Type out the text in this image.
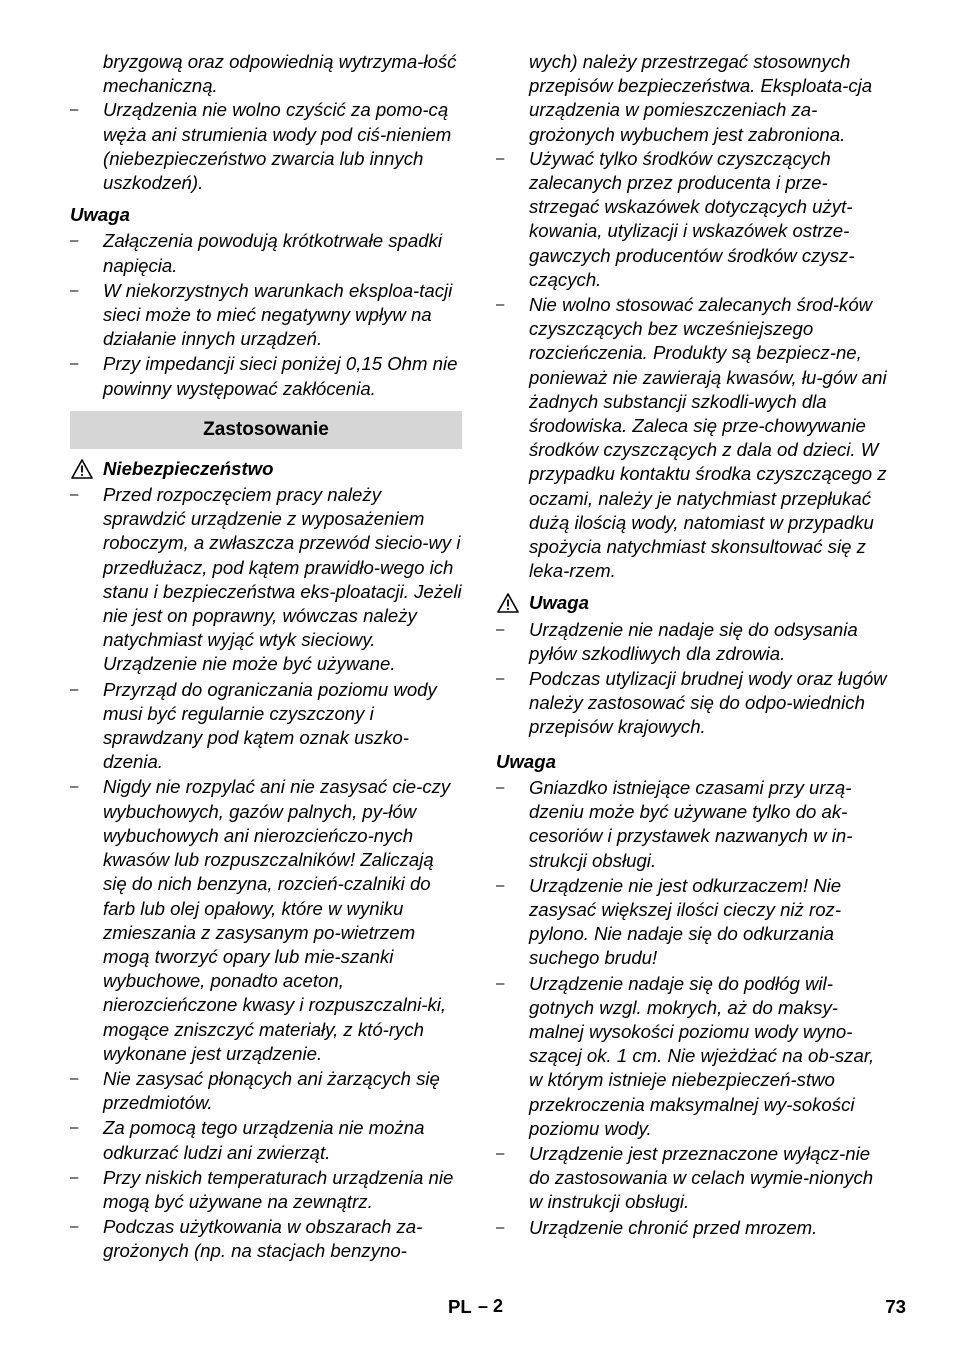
bryzgową oraz odpowiednią wytrzyma-łość mechaniczną.

– Urządzenia nie wolno czyścić za pomo-cą węża ani strumienia wody pod ciś-nieniem (niebezpieczeństwo zwarcia lub innych uszkodzeń).
Uwaga
– Załączenia powodują krótkotrwałe spadki napięcia.
– W niekorzystnych warunkach eksploa-tacji sieci może to mieć negatywny wpływ na działanie innych urządzeń.
– Przy impedancji sieci poniżej 0,15 Ohm nie powinny występować zakłócenia.
Zastosowanie
Niebezpieczeństwo
– Przed rozpoczęciem pracy należy sprawdzić urządzenie z wyposażeniem roboczym, a zwłaszcza przewód siecio-wy i przedłużacz, pod kątem prawidło-wego ich stanu i bezpieczeństwa eks-ploatacji. Jeżeli nie jest on poprawny, wówczas należy natychmiast wyjąć wtyk sieciowy. Urządzenie nie może być używane.
– Przyrząd do ograniczania poziomu wody musi być regularnie czyszczony i sprawdzany pod kątem oznak uszko-dzenia.
– Nigdy nie rozpylać ani nie zasysać cie-czy wybuchowych, gazów palnych, py-łów wybuchowych ani nierozcieńczo-nych kwasów lub rozpuszczalników! Zaliczają się do nich benzyna, rozcień-czalniki do farb lub olej opałowy, które w wyniku zmieszania z zasysanym po-wietrzem mogą tworzyć opary lub mie-szanki wybuchowe, ponadto aceton, nierozcieńczone kwasy i rozpuszczalni-ki, mogące zniszczyć materiały, z któ-rych wykonane jest urządzenie.
– Nie zasysać płonących ani żarzących się przedmiotów.
– Za pomocą tego urządzenia nie można odkurzać ludzi ani zwierząt.
– Przy niskich temperaturach urządzenia nie mogą być używane na zewnątrz.
– Podczas użytkowania w obszarach za-grożonych (np. na stacjach benzyno-

wych) należy przestrzegać stosownych przepisów bezpieczeństwa. Eksploata-cja urządzenia w pomieszczeniach za-grożonych wybuchem jest zabroniona.

– Używać tylko środków czyszczących zalecanych przez producenta i prze-strzegać wskazówek dotyczących użyt-kowania, utylizacji i wskazówek ostrze-gawczych producentów środków czysz-czących.
– Nie wolno stosować zalecanych środ-ków czyszczących bez wcześniejszego rozcieńczenia. Produkty są bezpiecz-ne, ponieważ nie zawierają kwasów, łu-gów ani żadnych substancji szkodli-wych dla środowiska. Zaleca się prze-chowywanie środków czyszczących z dala od dzieci. W przypadku kontaktu środka czyszczącego z oczami, należy je natychmiast przepłukać dużą ilością wody, natomiast w przypadku spożycia natychmiast skonsultować się z leka-rzem.
Uwaga
– Urządzenie nie nadaje się do odsysania pyłów szkodliwych dla zdrowia.
– Podczas utylizacji brudnej wody oraz ługów należy zastosować się do odpo-wiednich przepisów krajowych.
Uwaga
– Gniazdko istniejące czasami przy urzą-dzeniu może być używane tylko do ak-cesoriów i przystawek nazwanych w in-strukcji obsługi.
– Urządzenie nie jest odkurzaczem! Nie zasysać większej ilości cieczy niż roz-pylono. Nie nadaje się do odkurzania suchego brudu!
– Urządzenie nadaje się do podłóg wil-gotnych wzgl. mokrych, aż do maksy-malnej wysokości poziomu wody wyno-szącej ok. 1 cm. Nie wjeżdżać na ob-szar, w którym istnieje niebezpieczeń-stwo przekroczenia maksymalnej wy-sokości poziomu wody.
– Urządzenie jest przeznaczone wyłącz-nie do zastosowania w celach wymie-nionych w instrukcji obsługi.
– Urządzenie chronić przed mrozem.
PL – 2	73
